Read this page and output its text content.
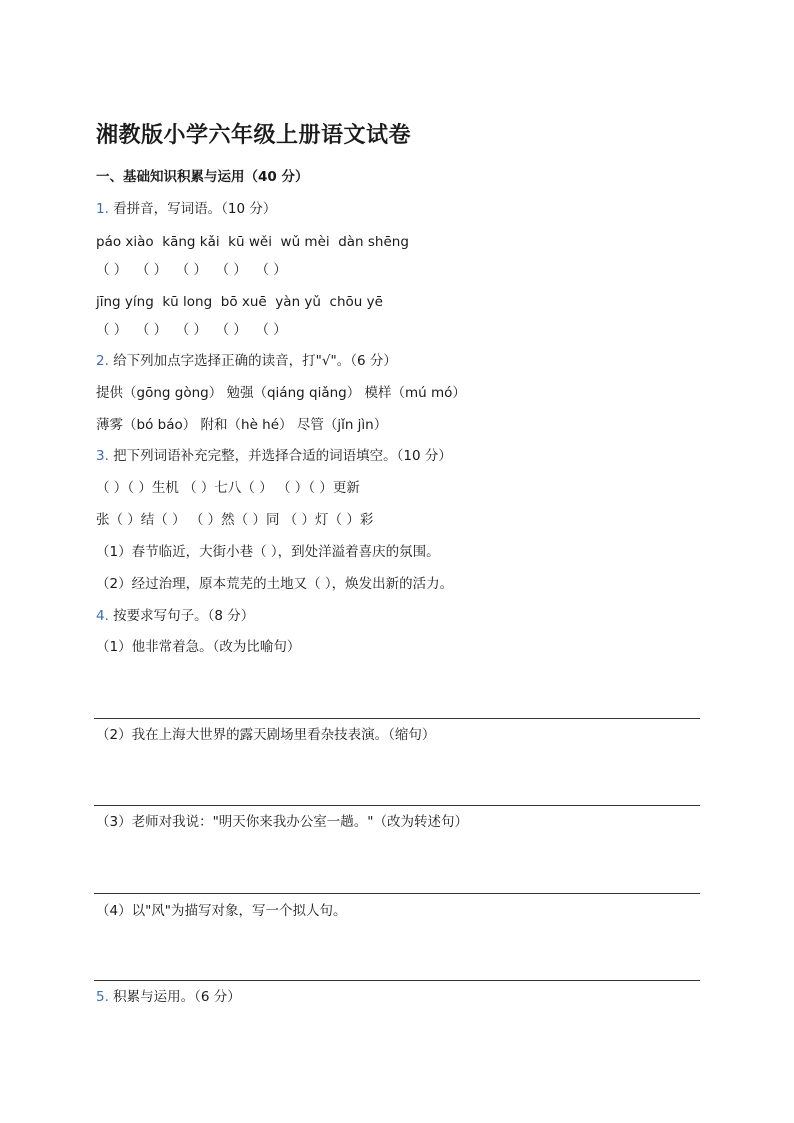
湘教版小学六年级上册语文试卷
一、基础知识积累与运用（40 分）
1. 看拼音，写词语。（10 分）
páo xiào  kāng kǎi  kū wěi  wǔ mèi  dàn shēng
（ ）  （ ）  （ ）  （ ）  （ ）
jīng yíng  kū long  bō xuē  yàn yǔ  chōu yē
（ ）  （ ）  （ ）  （ ）  （ ）
2. 给下列加点字选择正确的读音，打"√"。（6 分）
提供（gōng gòng） 勉强（qiáng qiǎng） 模样（mú mó）
薄雾（bó báo） 附和（hè hé） 尽管（jǐn jìn）
3. 把下列词语补充完整，并选择合适的词语填空。（10 分）
（ ）（ ）生机 （ ）七八（ ） （ ）（ ）更新
张（ ）结（ ） （ ）然（ ）同 （ ）灯（ ）彩
（1）春节临近，大街小巷（ ），到处洋溢着喜庆的氛围。
（2）经过治理，原本荒芜的土地又（ ），焕发出新的活力。
4. 按要求写句子。（8 分）
（1）他非常着急。（改为比喻句）
（2）我在上海大世界的露天剧场里看杂技表演。（缩句）
（3）老师对我说："明天你来我办公室一趟。"（改为转述句）
（4）以"风"为描写对象，写一个拟人句。
5. 积累与运用。（6 分）
